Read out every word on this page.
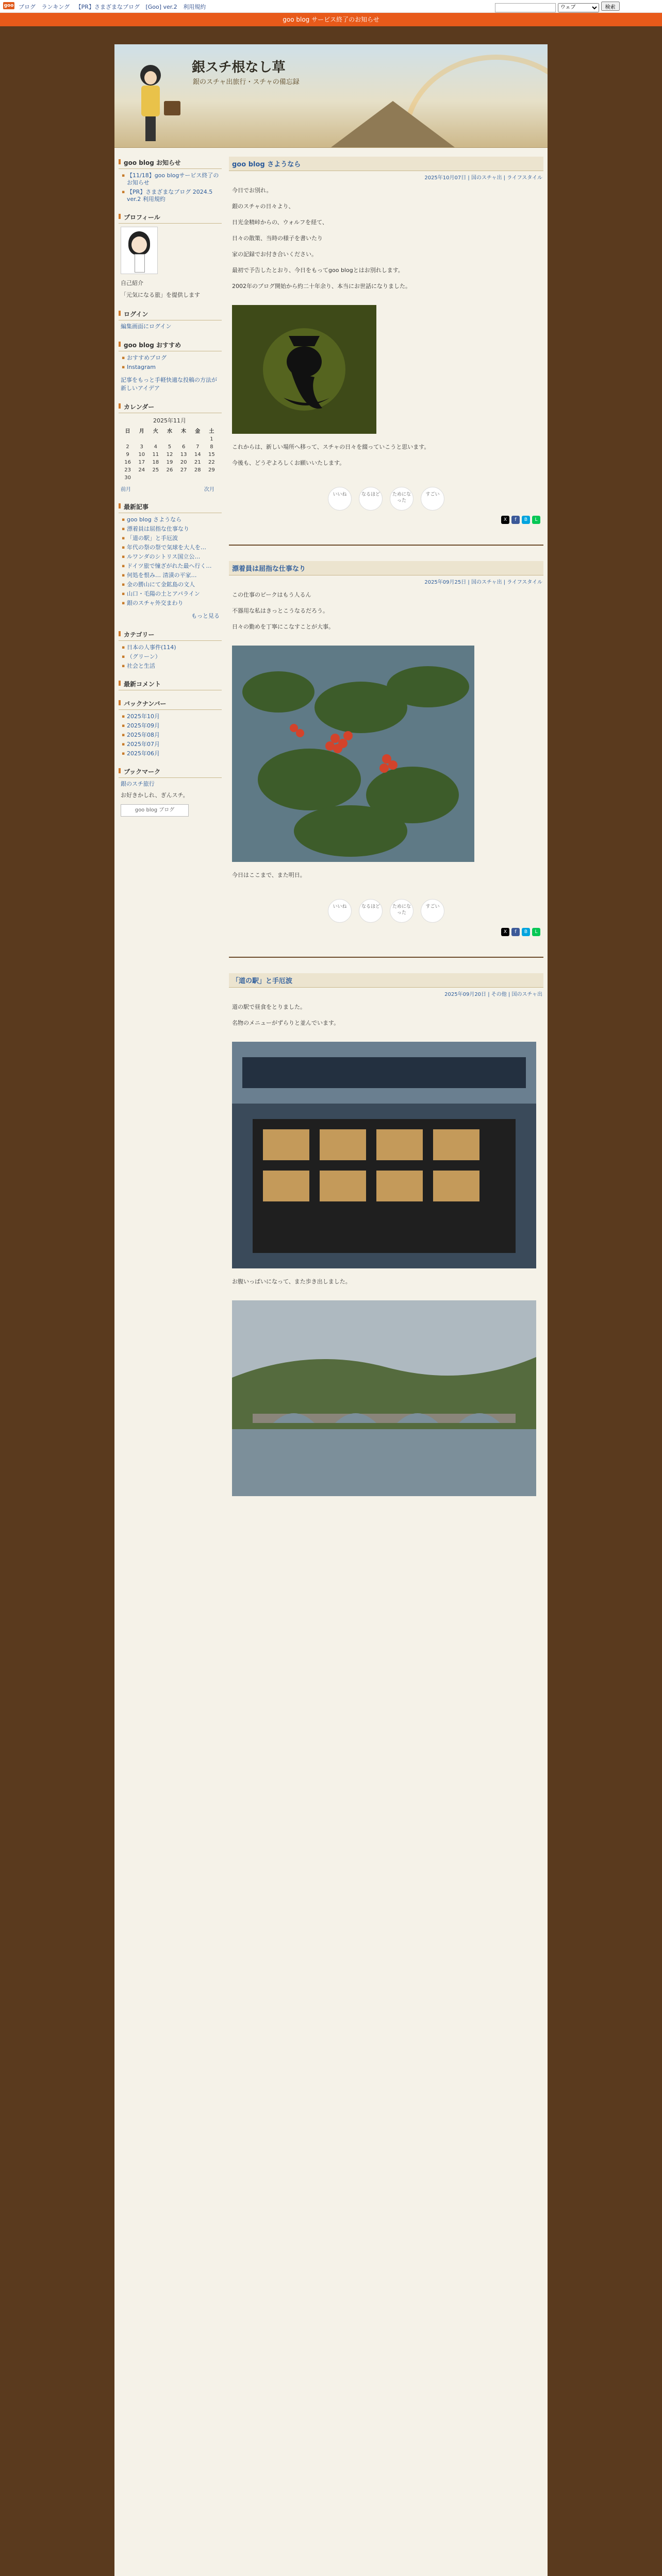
goo ブログ ランキング 【PR】さまざまなブログ [Goo] ver.2 利用規約

ウェブ	検索
goo blog サービス終了のお知らせ
銀スチ根なし草
銀のスチャ出旅行・スチャの備忘録
goo blog お知らせ
▪ 【11/18】goo blogサービス終了のお知らせ
▪ 【PR】さまざまなブログ 2024.5 ver.2 利用規約
プロフィール
自己紹介
「元気になる旅」を提供します
ログイン
編集画面にログイン
goo blog おすすめ
▪ おすすめブログ
▪ Instagram
記事をもっと手軽快適な投稿の方法が新しいアイデア
カレンダー
2025年11月
日	月	火	水	木	金	土
						1
2	3	4	5	6	7	8
9	10	11	12	13	14	15
16	17	18	19	20	21	22
23	24	25	26	27	28	29
30						
前月	次月
最新記事
▪ goo blog さようなら
▪ 漂着員は屈指な仕事なり
▪ 「道の駅」と手厄波
▪ 年代の祭の祭で気球を大人を…
▪ ルワンダのシトリス国立公…
▪ ドイツ旅で憧ざがれた最へ行く…
▪ 何処を恨み… 清漬の平家…
▪ 金の勝山にて金鉱島の文人
▪ 山口・毛陽の土とアパライン
▪ 銀のスチャ外交まわり
もっと見る
カテゴリー
▪ 日本の人事件(114)
▪ （グリーン）
▪ 社会と生活
最新コメント
バックナンバー
▪ 2025年10月
▪ 2025年09月
▪ 2025年08月
▪ 2025年07月
▪ 2025年06月
ブックマーク
銀のスチ旅行
お好きかしれ、ぎんスチ。
goo blog ブログ
goo blog さようなら
2025年10月07日 | 国のスチャ出 | ライフスタイル

今日でお別れ。

銀のスチャの日々より、

日光金精峠からの、ウォルフを経て、

日々の散策、当時の様子を書いたり

家の記録でお付き合いください。

最初で予告したとおり、今日をもってgoo blogとはお別れします。

2002年のブログ開始から約二十年余り、本当にお世話になりました。

これからは、新しい場所へ移って、スチャの日々を綴っていこうと思います。

今後も、どうぞよろしくお願いいたします。

いいね	なるほど	ためになった
すごい
X	f	B	L
漂着員は屈指な仕事なり
2025年09月25日 | 国のスチャ出 | ライフスタイル

この仕事のピークはもう人るん

不器用な私はきっとこうなるだろう。

日々の勤めを丁寧にこなすことが大事。

今日はここまで、また明日。

いいね	なるほど	ためになった
すごい
X	f	B	L
「道の駅」と手厄波
2025年09月20日 | その他 | 国のスチャ出

道の駅で昼食をとりました。

名物のメニューがずらりと並んでいます。

お腹いっぱいになって、また歩き出しました。
